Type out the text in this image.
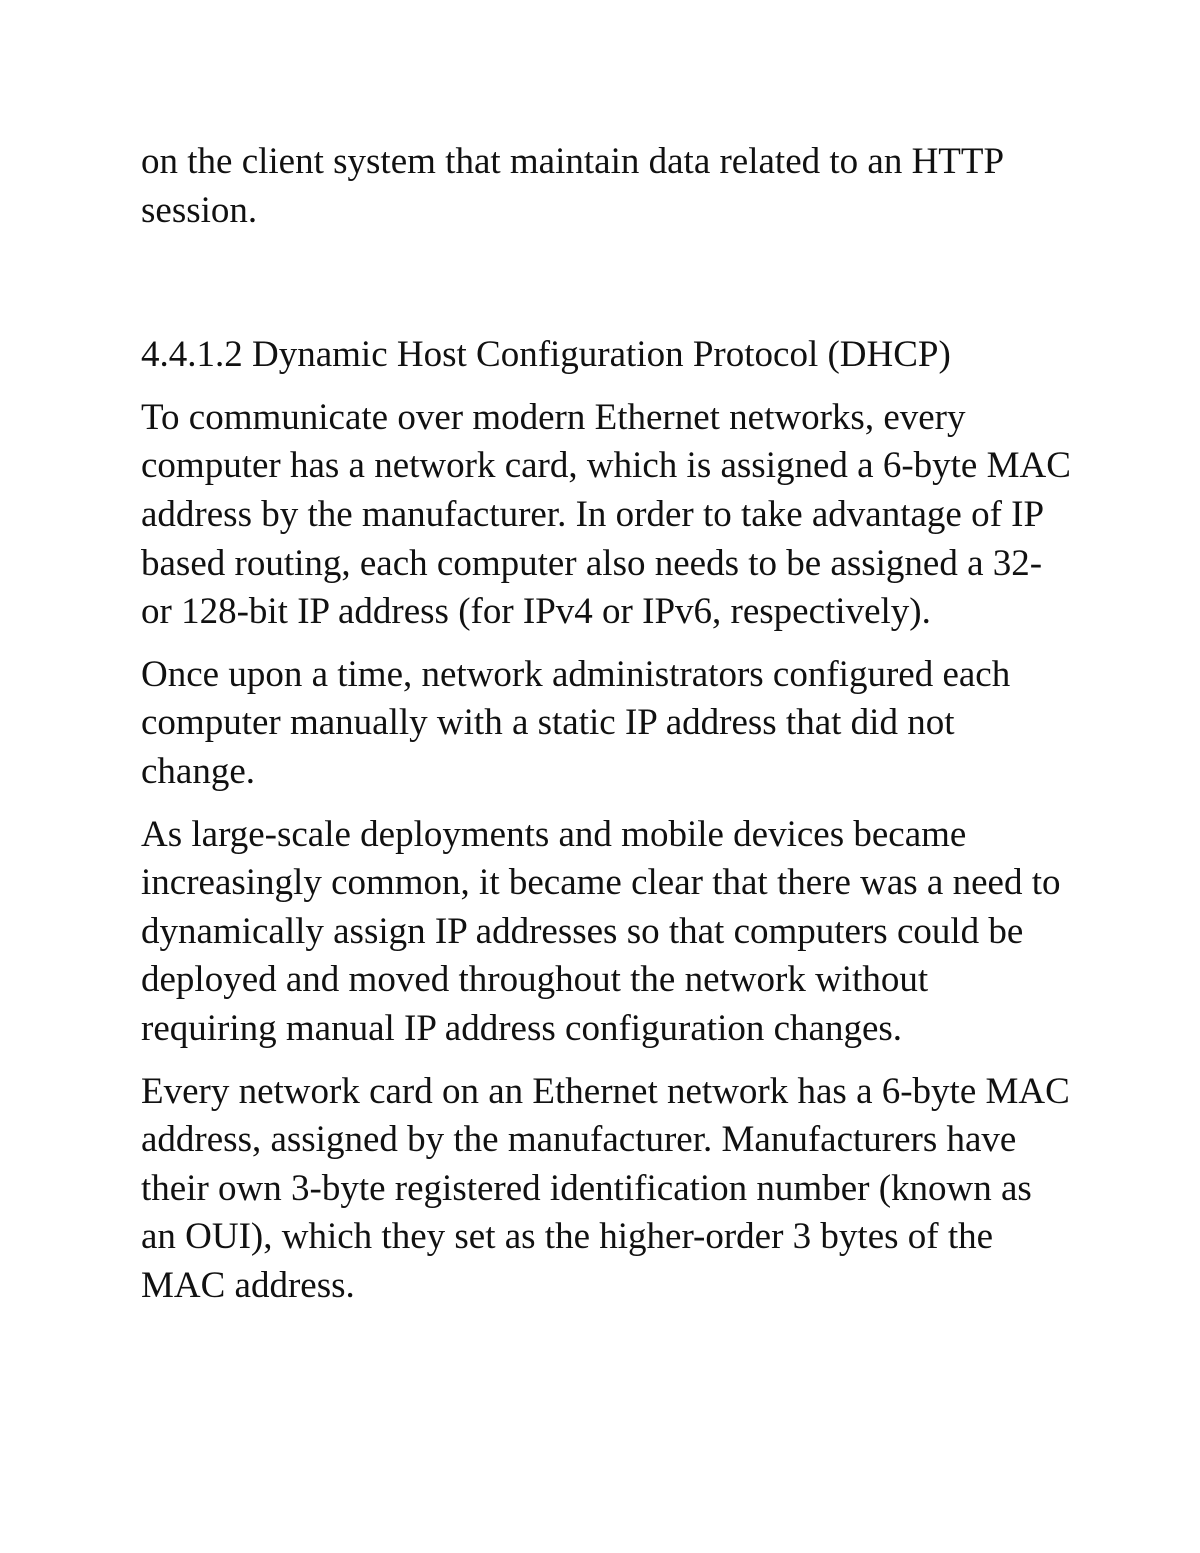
on the client system that maintain data related to an HTTP session.

4.4.1.2 Dynamic Host Configuration Protocol (DHCP)

To communicate over modern Ethernet networks, every computer has a network card, which is assigned a 6-byte MAC address by the manufacturer. In order to take advantage of IP based routing, each computer also needs to be assigned a 32- or 128-bit IP address (for IPv4 or IPv6, respectively).

Once upon a time, network administrators configured each computer manually with a static IP address that did not change.

As large-scale deployments and mobile devices became increasingly common, it became clear that there was a need to dynamically assign IP addresses so that computers could be deployed and moved throughout the network without requiring manual IP address configuration changes.

Every network card on an Ethernet network has a 6-byte MAC address, assigned by the manufacturer. Manufacturers have their own 3-byte registered identification number (known as an OUI), which they set as the higher-order 3 bytes of the MAC address.
